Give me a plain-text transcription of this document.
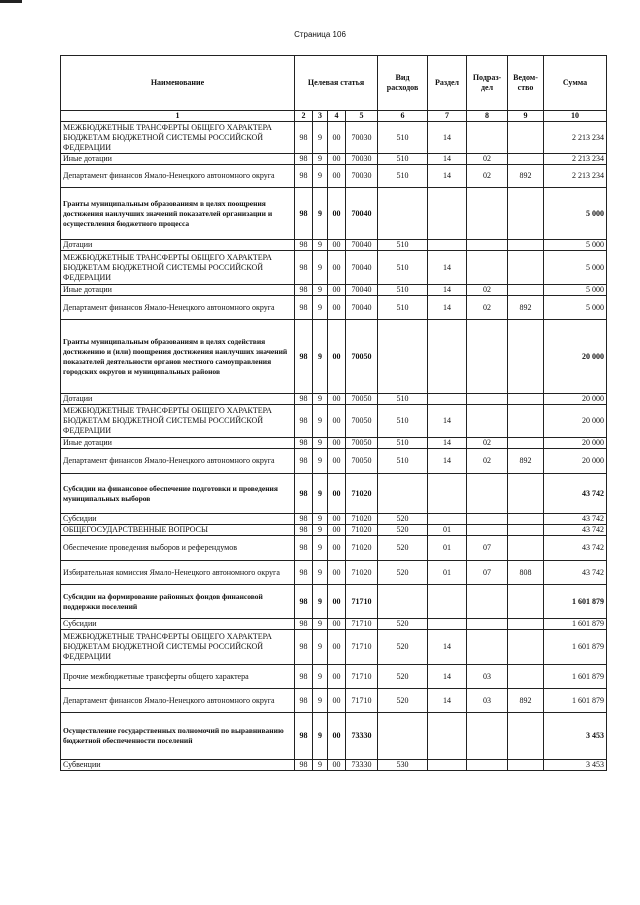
Страница 106
Наименование	Целевая статья				Вид расходов	Раздел	Подраз-дел	Ведом-ство	Сумма
1	2	3	4	5	6	7	8	9	10
МЕЖБЮДЖЕТНЫЕ ТРАНСФЕРТЫ ОБЩЕГО ХАРАКТЕРА БЮДЖЕТАМ БЮДЖЕТНОЙ СИСТЕМЫ РОССИЙСКОЙ ФЕДЕРАЦИИ	98	9	00	70030	510	14			2 213 234
Иные дотации	98	9	00	70030	510	14	02		2 213 234
Департамент финансов Ямало-Ненецкого автономного округа	98	9	00	70030	510	14	02	892	2 213 234
Гранты муниципальным образованиям в целях поощрения достижения наилучших значений показателей организации и осуществления бюджетного процесса	98	9	00	70040					5 000
Дотации	98	9	00	70040	510				5 000
МЕЖБЮДЖЕТНЫЕ ТРАНСФЕРТЫ ОБЩЕГО ХАРАКТЕРА БЮДЖЕТАМ БЮДЖЕТНОЙ СИСТЕМЫ РОССИЙСКОЙ ФЕДЕРАЦИИ	98	9	00	70040	510	14			5 000
Иные дотации	98	9	00	70040	510	14	02		5 000
Департамент финансов Ямало-Ненецкого автономного округа	98	9	00	70040	510	14	02	892	5 000
Гранты муниципальным образованиям в целях содействия достижению и (или) поощрения достижения наилучших значений показателей деятельности органов местного самоуправления городских округов и муниципальных районов	98	9	00	70050					20 000
Дотации	98	9	00	70050	510				20 000
МЕЖБЮДЖЕТНЫЕ ТРАНСФЕРТЫ ОБЩЕГО ХАРАКТЕРА БЮДЖЕТАМ БЮДЖЕТНОЙ СИСТЕМЫ РОССИЙСКОЙ ФЕДЕРАЦИИ	98	9	00	70050	510	14			20 000
Иные дотации	98	9	00	70050	510	14	02		20 000
Департамент финансов Ямало-Ненецкого автономного округа	98	9	00	70050	510	14	02	892	20 000
Субсидии на финансовое обеспечение подготовки и проведения муниципальных выборов	98	9	00	71020					43 742
Субсидии	98	9	00	71020	520				43 742
ОБЩЕГОСУДАРСТВЕННЫЕ ВОПРОСЫ	98	9	00	71020	520	01			43 742
Обеспечение проведения выборов и референдумов	98	9	00	71020	520	01	07		43 742
Избирательная комиссия Ямало-Ненецкого автономного округа	98	9	00	71020	520	01	07	808	43 742
Субсидии на формирование районных фондов финансовой поддержки поселений	98	9	00	71710					1 601 879
Субсидии	98	9	00	71710	520				1 601 879
МЕЖБЮДЖЕТНЫЕ ТРАНСФЕРТЫ ОБЩЕГО ХАРАКТЕРА БЮДЖЕТАМ БЮДЖЕТНОЙ СИСТЕМЫ РОССИЙСКОЙ ФЕДЕРАЦИИ	98	9	00	71710	520	14			1 601 879
Прочие межбюджетные трансферты общего характера	98	9	00	71710	520	14	03		1 601 879
Департамент финансов Ямало-Ненецкого автономного округа	98	9	00	71710	520	14	03	892	1 601 879
Осуществление государственных полномочий по выравниванию бюджетной обеспеченности поселений	98	9	00	73330					3 453
Субвенции	98	9	00	73330	530				3 453
